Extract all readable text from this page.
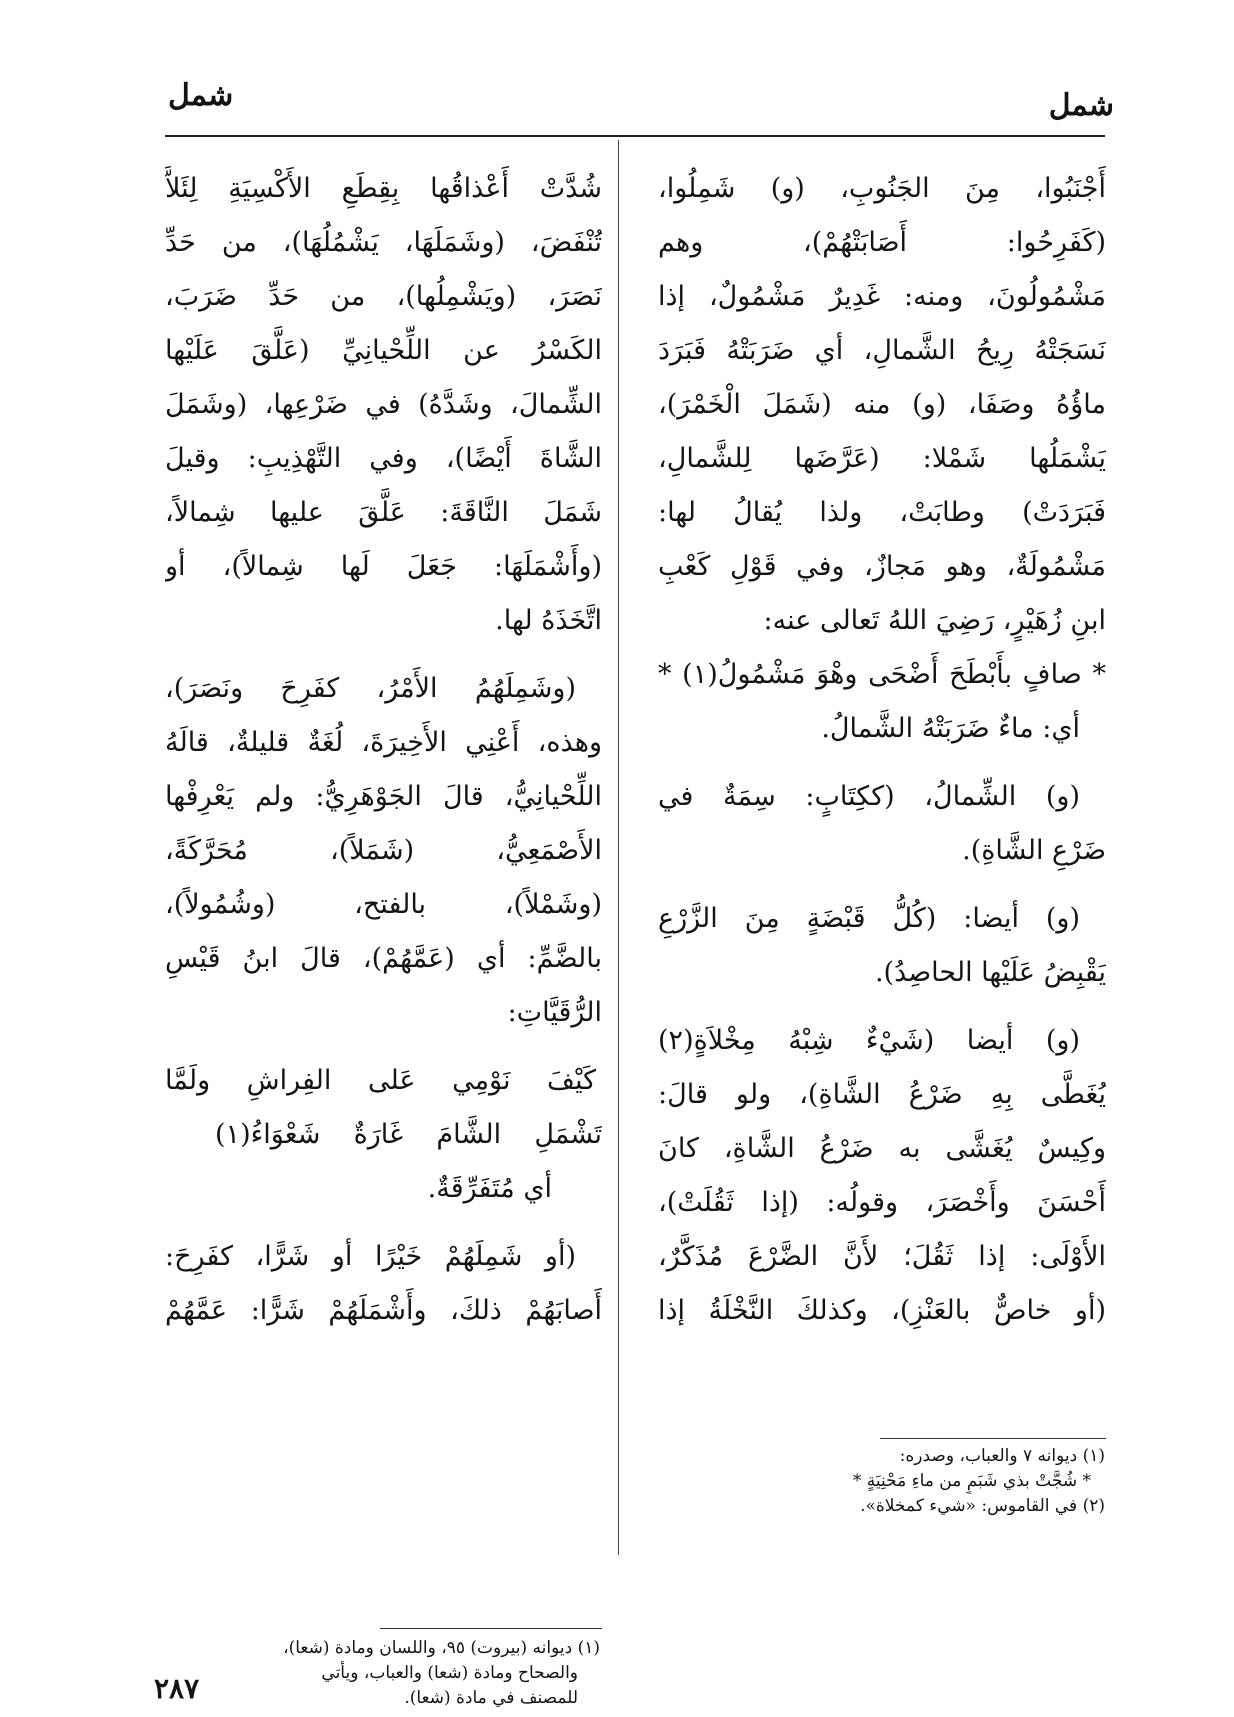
شمل	شمل
أَجْنَبُوا، مِنَ الجَنُوبِ، (و) شَمِلُوا،
(كَفَرِحُوا: أَصَابَتْهُمْ)، وهم
مَشْمُولُونَ، ومنه: غَدِيرٌ مَشْمُولٌ، إذا
نَسَجَتْهُ رِيحُ الشَّمالِ، أي ضَرَبَتْهُ فَبَرَدَ
ماؤُهُ وصَفَا، (و) منه (شَمَلَ الْخَمْرَ)،
يَشْمَلُها شَمْلا: (عَرَّضَها لِلشَّمالِ،
فَبَرَدَتْ) وطابَتْ، ولذا يُقالُ لها:
مَشْمُولَةٌ، وهو مَجازٌ، وفي قَوْلِ كَعْبِ
ابنِ زُهَيْرٍ، رَضِيَ اللهُ تَعالى عنه:
* صافٍ بأَبْطَحَ أَضْحَى وهْوَ مَشْمُولُ(١) *
أي: ماءٌ ضَرَبَتْهُ الشَّمالُ.
(و) الشِّمالُ، (ككِتَابٍ: سِمَةٌ في
ضَرْعِ الشَّاةِ).
(و) أيضا: (كُلُّ قَبْضَةٍ مِنَ الزَّرْعِ
يَقْبِضُ عَلَيْها الحاصِدُ).
(و) أيضا (شَيْءٌ شِبْهُ مِخْلاَةٍ(٢)
يُغَطَّى بِهِ ضَرْعُ الشَّاةِ)، ولو قالَ:
وكِيسٌ يُغَشَّى به ضَرْعُ الشَّاةِ، كانَ
أَحْسَنَ وأَخْصَرَ، وقولُه: (إذا ثَقُلَتْ)،
الأَوْلَى: إذا ثَقُلَ؛ لأَنَّ الضَّرْعَ مُذَكَّرٌ،
(أو خاصٌّ بالعَنْزِ)، وكذلكَ النَّخْلَةُ إذا
شُدَّتْ أَعْذاقُها بِقِطَعِ الأَكْسِيَةِ لِئَلاَّ
تُنْفَضَ، (وشَمَلَهَا، يَشْمُلُهَا)، من حَدِّ
نَصَرَ، (ويَشْمِلُها)، من حَدِّ ضَرَبَ،
الكَسْرُ عن اللِّحْيانِيِّ (عَلَّقَ عَلَيْها
الشِّمالَ، وشَدَّهُ) في ضَرْعِها، (وشَمَلَ
الشَّاةَ أَيْضًا)، وفي التَّهْذِيبِ: وقيلَ
شَمَلَ النَّاقَةَ: عَلَّقَ عليها شِمالاً،
(وأَشْمَلَهَا: جَعَلَ لَها شِمالاً)، أو
اتَّخَذَهُ لها.
(وشَمِلَهُمُ الأَمْرُ، كفَرِحَ ونَصَرَ)،
وهذه، أَعْنِي الأَخِيرَةَ، لُغَةٌ قليلةٌ، قالَهُ
اللِّحْيانِيُّ، قالَ الجَوْهَرِيُّ: ولم يَعْرِفْها
الأَصْمَعِيُّ، (شَمَلاً)، مُحَرَّكَةً،
(وشَمْلاً)، بالفتح، (وشُمُولاً)،
بالضَّمِّ: أي (عَمَّهُمْ)، قالَ ابنُ قَيْسِ
الرُّقَيَّاتِ:
كَيْفَ نَوْمِي عَلى الفِراشِ ولَمَّا
تَشْمَلِ الشَّامَ غَارَةٌ شَعْوَاءُ(١)
أي مُتَفَرِّقَةٌ.
(أو شَمِلَهُمْ خَيْرًا أو شَرًّا، كفَرِحَ:
أَصابَهُمْ ذلكَ، وأَشْمَلَهُمْ شَرًّا: عَمَّهُمْ
(١) ديوانه ٧ والعباب، وصدره:
* شُجَّتْ بذي شَبَمٍ من ماءِ مَحْنِيَةٍ *
(٢) في القاموس: «شيء كمخلاة».
(١) ديوانه (بيروت) ٩٥، واللسان ومادة (شعا)،
والصحاح ومادة (شعا) والعباب، ويأتي
للمصنف في مادة (شعا).
٢٨٧
